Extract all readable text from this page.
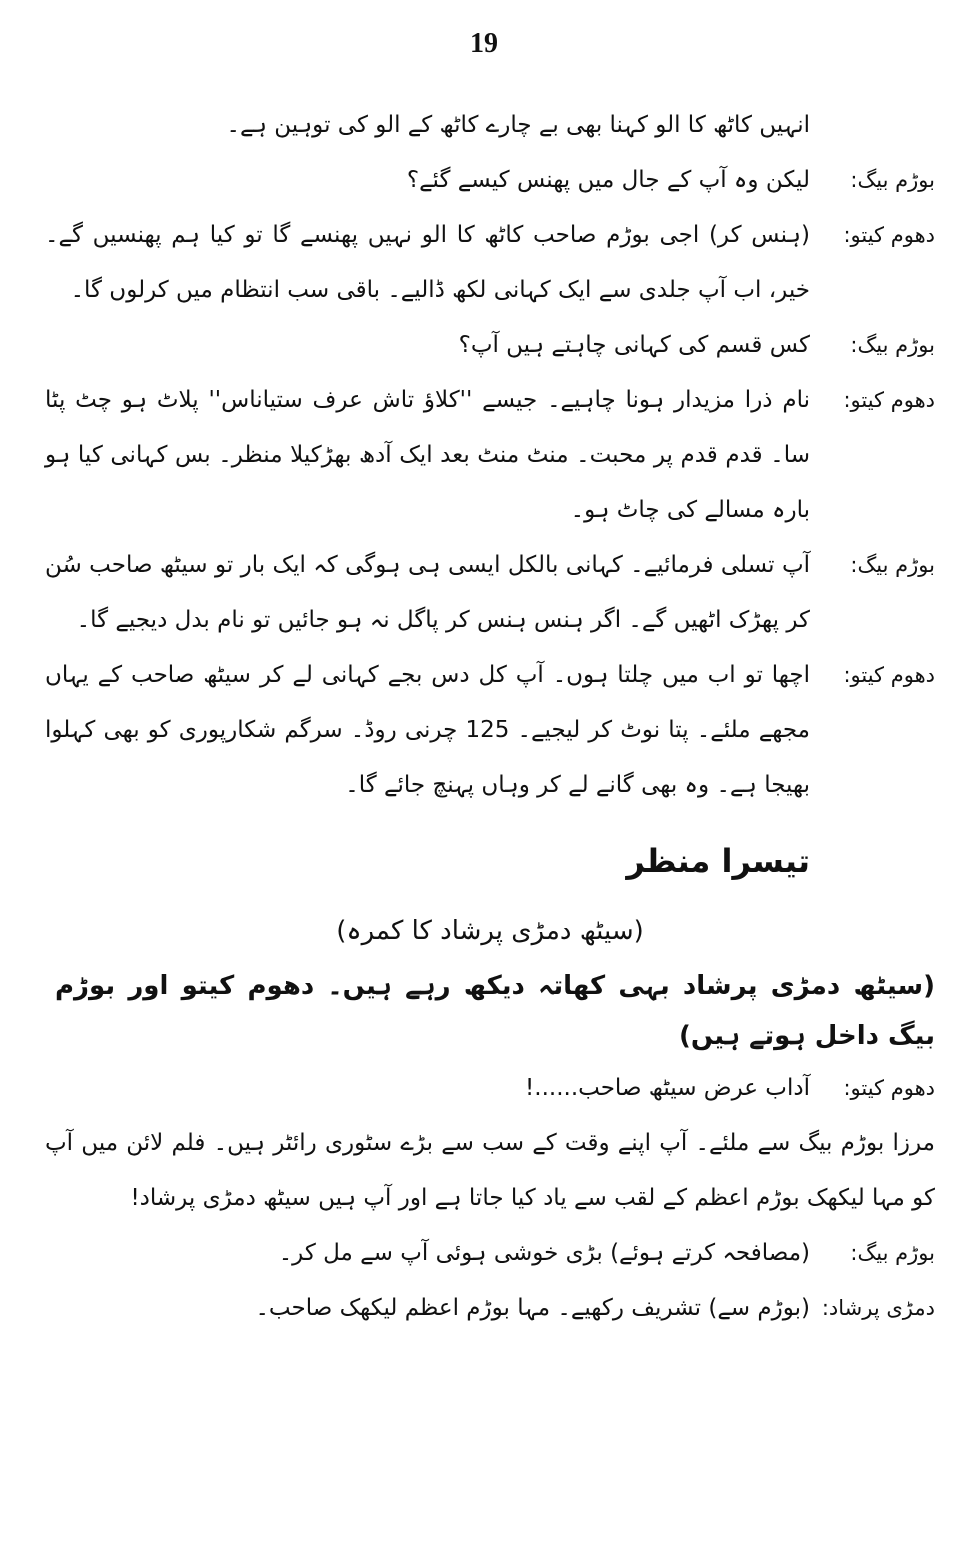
19
انہیں کاٹھ کا الو کہنا بھی بے چارے کاٹھ کے الو کی توہین ہے۔
بوڑم بیگ:
لیکن وہ آپ کے جال میں پھنس کیسے گئے؟
دھوم کیتو:
(ہنس کر) اجی بوڑم صاحب کاٹھ کا الو نہیں پھنسے گا تو کیا ہم پھنسیں گے۔ خیر، اب آپ جلدی سے ایک کہانی لکھ ڈالیے۔ باقی سب انتظام میں کرلوں گا۔
بوڑم بیگ:
کس قسم کی کہانی چاہتے ہیں آپ؟
دھوم کیتو:
نام ذرا مزیدار ہونا چاہیے۔ جیسے ''کلاؤ تاش عرف ستیاناس'' پلاٹ ہو چٹ پٹا سا۔ قدم قدم پر محبت۔ منٹ منٹ بعد ایک آدھ بھڑکیلا منظر۔ بس کہانی کیا ہو بارہ مسالے کی چاٹ ہو۔
بوڑم بیگ:
آپ تسلی فرمائیے۔ کہانی بالکل ایسی ہی ہوگی کہ ایک بار تو سیٹھ صاحب سُن کر پھڑک اٹھیں گے۔ اگر ہنس ہنس کر پاگل نہ ہو جائیں تو نام بدل دیجیے گا۔
دھوم کیتو:
اچھا تو اب میں چلتا ہوں۔ آپ کل دس بجے کہانی لے کر سیٹھ صاحب کے یہاں مجھے ملئے۔ پتا نوٹ کر لیجیے۔ 125 چرنی روڈ۔ سرگم شکارپوری کو بھی کہلوا بھیجا ہے۔ وہ بھی گانے لے کر وہاں پہنچ جائے گا۔
تیسرا منظر
(سیٹھ دمڑی پرشاد کا کمرہ)
(سیٹھ دمڑی پرشاد بہی کھاتہ دیکھ رہے ہیں۔ دھوم کیتو اور بوڑم بیگ داخل ہوتے ہیں)
دھوم کیتو:
آداب عرض سیٹھ صاحب......!
مرزا بوڑم بیگ سے ملئے۔ آپ اپنے وقت کے سب سے بڑے سٹوری رائٹر ہیں۔ فلم لائن میں آپ کو مہا لیکھک بوڑم اعظم کے لقب سے یاد کیا جاتا ہے اور آپ ہیں سیٹھ دمڑی پرشاد!
بوڑم بیگ:
(مصافحہ کرتے ہوئے) بڑی خوشی ہوئی آپ سے مل کر۔
دمڑی پرشاد:
(بوڑم سے) تشریف رکھیے۔ مہا بوڑم اعظم لیکھک صاحب۔
